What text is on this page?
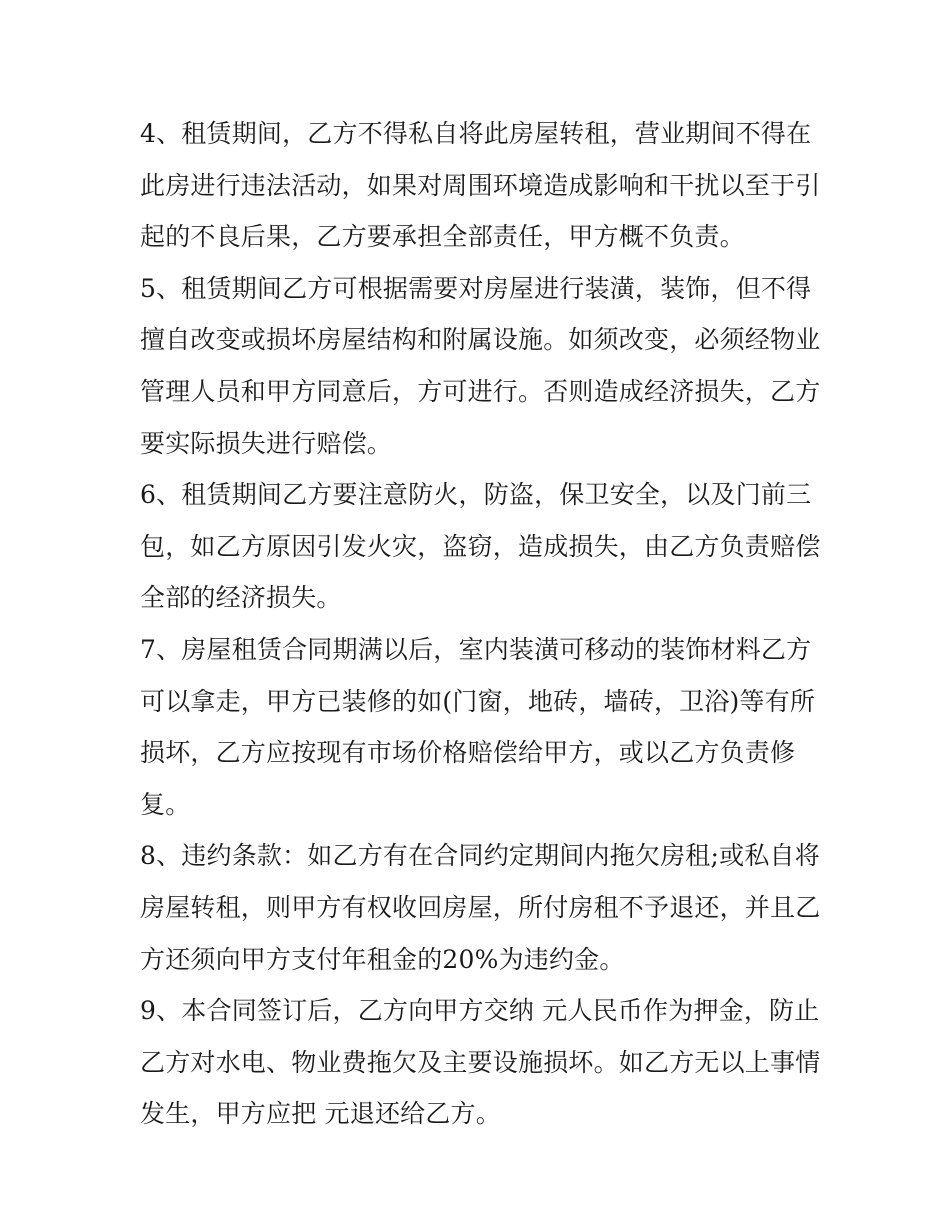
4、租赁期间，乙方不得私自将此房屋转租，营业期间不得在
此房进行违法活动，如果对周围环境造成影响和干扰以至于引
起的不良后果，乙方要承担全部责任，甲方概不负责。
5、租赁期间乙方可根据需要对房屋进行装潢，装饰，但不得
擅自改变或损坏房屋结构和附属设施。如须改变，必须经物业
管理人员和甲方同意后，方可进行。否则造成经济损失，乙方
要实际损失进行赔偿。
6、租赁期间乙方要注意防火，防盗，保卫安全，以及门前三
包，如乙方原因引发火灾，盗窃，造成损失，由乙方负责赔偿
全部的经济损失。
7、房屋租赁合同期满以后，室内装潢可移动的装饰材料乙方
可以拿走，甲方已装修的如(门窗，地砖，墙砖，卫浴)等有所
损坏，乙方应按现有市场价格赔偿给甲方，或以乙方负责修
复。
8、违约条款：如乙方有在合同约定期间内拖欠房租;或私自将
房屋转租，则甲方有权收回房屋，所付房租不予退还，并且乙
方还须向甲方支付年租金的20%为违约金。
9、本合同签订后，乙方向甲方交纳 元人民币作为押金，防止
乙方对水电、物业费拖欠及主要设施损坏。如乙方无以上事情
发生，甲方应把 元退还给乙方。
